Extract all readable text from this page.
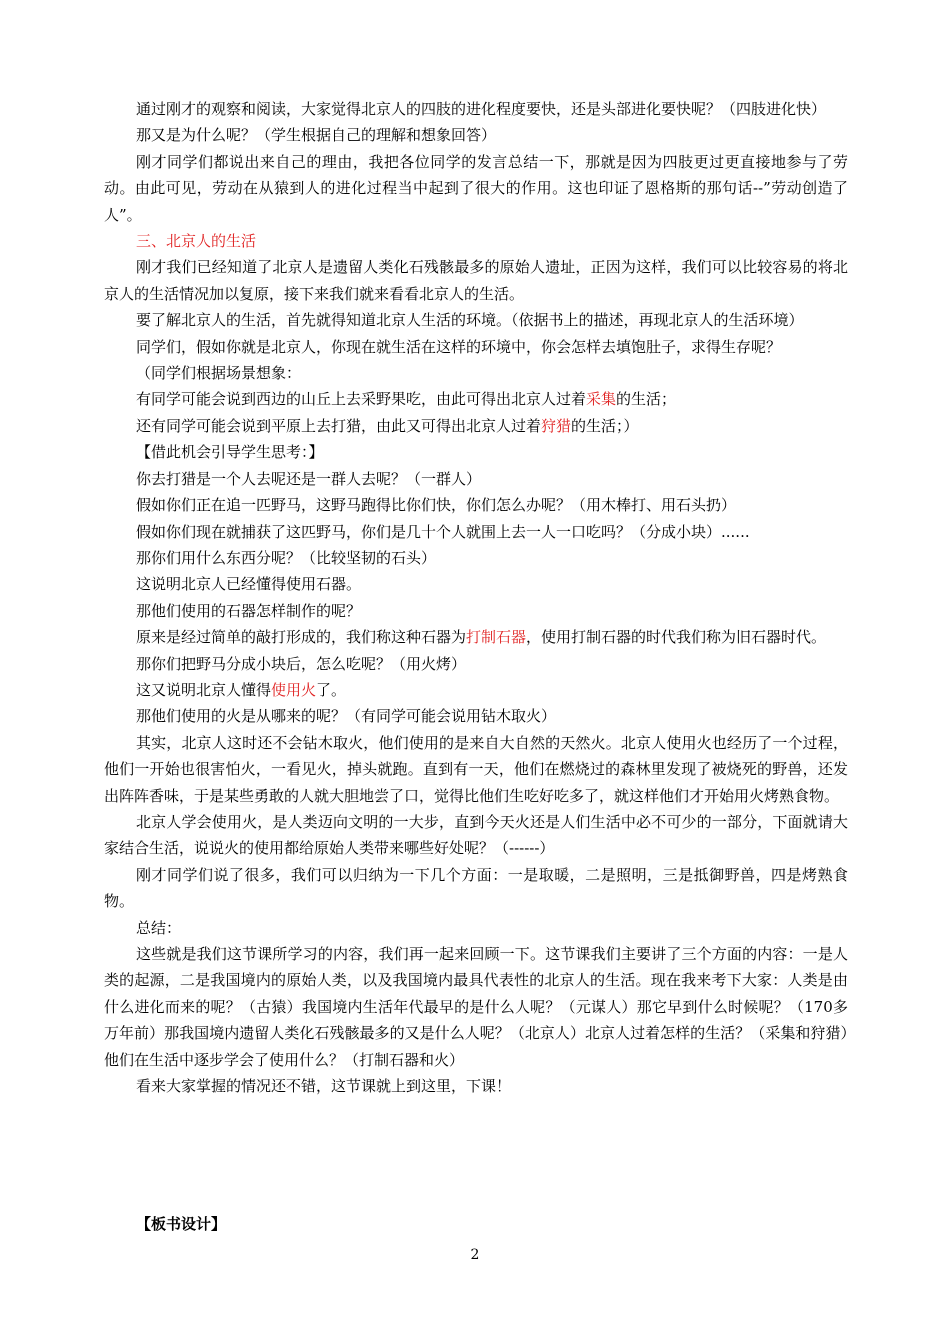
通过刚才的观察和阅读，大家觉得北京人的四肢的进化程度要快，还是头部进化要快呢？（四肢进化快）

那又是为什么呢？（学生根据自己的理解和想象回答）

刚才同学们都说出来自己的理由，我把各位同学的发言总结一下，那就是因为四肢更过更直接地参与了劳动。由此可见，劳动在从猿到人的进化过程当中起到了很大的作用。这也印证了恩格斯的那句话--”劳动创造了人”。

三、北京人的生活

刚才我们已经知道了北京人是遗留人类化石残骸最多的原始人遗址，正因为这样，我们可以比较容易的将北京人的生活情况加以复原，接下来我们就来看看北京人的生活。

要了解北京人的生活，首先就得知道北京人生活的环境。（依据书上的描述，再现北京人的生活环境）

同学们，假如你就是北京人，你现在就生活在这样的环境中，你会怎样去填饱肚子，求得生存呢？

（同学们根据场景想象：

有同学可能会说到西边的山丘上去采野果吃，由此可得出北京人过着采集的生活；

还有同学可能会说到平原上去打猎，由此又可得出北京人过着狩猎的生活；）

【借此机会引导学生思考：】

你去打猎是一个人去呢还是一群人去呢？（一群人）

假如你们正在追一匹野马，这野马跑得比你们快，你们怎么办呢？（用木棒打、用石头扔）

假如你们现在就捕获了这匹野马，你们是几十个人就围上去一人一口吃吗？（分成小块）......

那你们用什么东西分呢？（比较坚韧的石头）

这说明北京人已经懂得使用石器。

那他们使用的石器怎样制作的呢？

原来是经过简单的敲打形成的，我们称这种石器为打制石器，使用打制石器的时代我们称为旧石器时代。

那你们把野马分成小块后，怎么吃呢？（用火烤）

这又说明北京人懂得使用火了。

那他们使用的火是从哪来的呢？（有同学可能会说用钻木取火）

其实，北京人这时还不会钻木取火，他们使用的是来自大自然的天然火。北京人使用火也经历了一个过程，他们一开始也很害怕火，一看见火，掉头就跑。直到有一天，他们在燃烧过的森林里发现了被烧死的野兽，还发出阵阵香味，于是某些勇敢的人就大胆地尝了口，觉得比他们生吃好吃多了，就这样他们才开始用火烤熟食物。

北京人学会使用火，是人类迈向文明的一大步，直到今天火还是人们生活中必不可少的一部分，下面就请大家结合生活，说说火的使用都给原始人类带来哪些好处呢？（------）

刚才同学们说了很多，我们可以归纳为一下几个方面：一是取暖，二是照明，三是抵御野兽，四是烤熟食物。

总结：

这些就是我们这节课所学习的内容，我们再一起来回顾一下。这节课我们主要讲了三个方面的内容：一是人类的起源，二是我国境内的原始人类，以及我国境内最具代表性的北京人的生活。现在我来考下大家：人类是由什么进化而来的呢？（古猿）我国境内生活年代最早的是什么人呢？（元谋人）那它早到什么时候呢？（170多万年前）那我国境内遗留人类化石残骸最多的又是什么人呢？（北京人）北京人过着怎样的生活？（采集和狩猎）他们在生活中逐步学会了使用什么？（打制石器和火）

看来大家掌握的情况还不错，这节课就上到这里，下课！

【板书设计】
2
